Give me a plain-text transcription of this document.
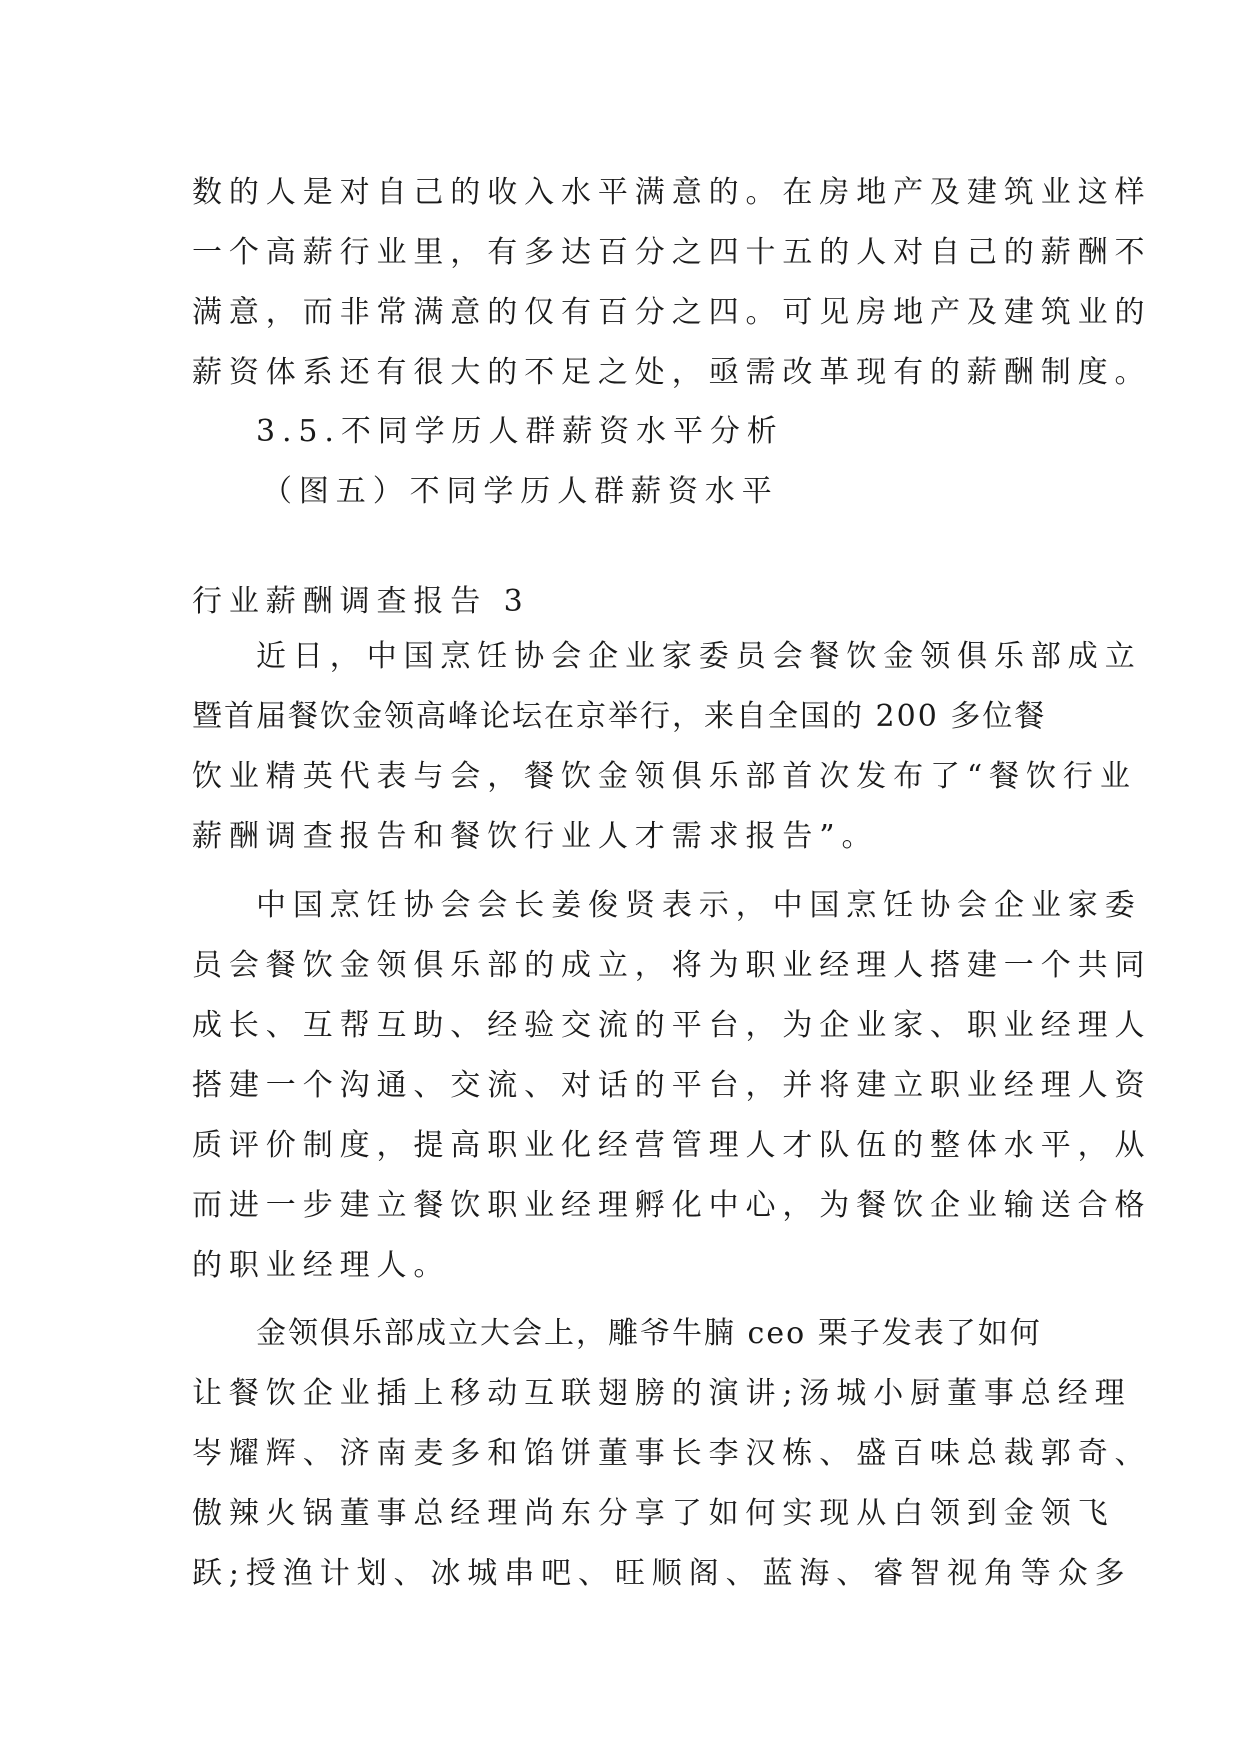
数的人是对自己的收入水平满意的。在房地产及建筑业这样
一个高薪行业里，有多达百分之四十五的人对自己的薪酬不
满意，而非常满意的仅有百分之四。可见房地产及建筑业的
薪资体系还有很大的不足之处，亟需改革现有的薪酬制度。
3.5.不同学历人群薪资水平分析
（图五）不同学历人群薪资水平
行业薪酬调查报告 3
近日，中国烹饪协会企业家委员会餐饮金领俱乐部成立
暨首届餐饮金领高峰论坛在京举行，来自全国的 200 多位餐
饮业精英代表与会，餐饮金领俱乐部首次发布了“餐饮行业
薪酬调查报告和餐饮行业人才需求报告”。
中国烹饪协会会长姜俊贤表示，中国烹饪协会企业家委
员会餐饮金领俱乐部的成立，将为职业经理人搭建一个共同
成长、互帮互助、经验交流的平台，为企业家、职业经理人
搭建一个沟通、交流、对话的平台，并将建立职业经理人资
质评价制度，提高职业化经营管理人才队伍的整体水平，从
而进一步建立餐饮职业经理孵化中心，为餐饮企业输送合格
的职业经理人。
金领俱乐部成立大会上，雕爷牛腩 ceo 栗子发表了如何
让餐饮企业插上移动互联翅膀的演讲;汤城小厨董事总经理
岑耀辉、济南麦多和馅饼董事长李汉栋、盛百味总裁郭奇、
傲辣火锅董事总经理尚东分享了如何实现从白领到金领飞
跃;授渔计划、冰城串吧、旺顺阁、蓝海、睿智视角等众多
